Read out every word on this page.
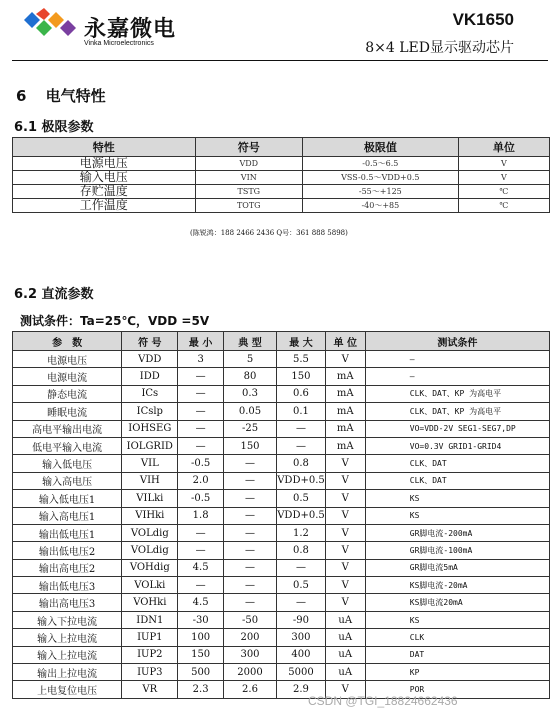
永嘉微电
Vinka Microelectronics
VK1650
8×4 LED显示驱动芯片
6 电气特性
6.1 极限参数
特性	符号	极限值	单位
电源电压	VDD	-0.5～6.5	V
输入电压	VIN	VSS-0.5～VDD+0.5	V
存贮温度	TSTG	-55～+125	℃
工作温度	TOTG	-40～+85	℃
(陈锐鸿：188 2466 2436 Q号：361 888 5898)
6.2 直流参数
测试条件：Ta=25℃，VDD =5V
参　数	符 号	最 小	典 型	最 大	单 位	测试条件
电源电压	VDD	3	5	5.5	V	—
电源电流	IDD	—	80	150	mA	—
静态电流	ICs	—	0.3	0.6	mA	CLK、DAT、KP 为高电平
睡眠电流	ICslp	—	0.05	0.1	mA	CLK、DAT、KP 为高电平
高电平输出电流	IOHSEG	—	-25	—	mA	VO=VDD-2V SEG1-SEG7,DP
低电平输入电流	IOLGRID	—	150	—	mA	VO=0.3V GRID1-GRID4
输入低电压	VIL	-0.5	—	0.8	V	CLK、DAT
输入高电压	VIH	2.0	—	VDD+0.5	V	CLK、DAT
输入低电压1	VILki	-0.5	—	0.5	V	KS
输入高电压1	VIHki	1.8	—	VDD+0.5	V	KS
输出低电压1	VOLdig	—	—	1.2	V	GR脚电流-200mA
输出低电压2	VOLdig	—	—	0.8	V	GR脚电流-100mA
输出高电压2	VOHdig	4.5	—	—	V	GR脚电流5mA
输出低电压3	VOLki	—	—	0.5	V	KS脚电流-20mA
输出高电压3	VOHki	4.5	—	—	V	KS脚电流20mA
输入下拉电流	IDN1	-30	-50	-90	uA	KS
输入上拉电流	IUP1	100	200	300	uA	CLK
输入上拉电流	IUP2	150	300	400	uA	DAT
输出上拉电流	IUP3	500	2000	5000	uA	KP
上电复位电压	VR	2.3	2.6	2.9	V	POR
CSDN @TGI_18824662436
